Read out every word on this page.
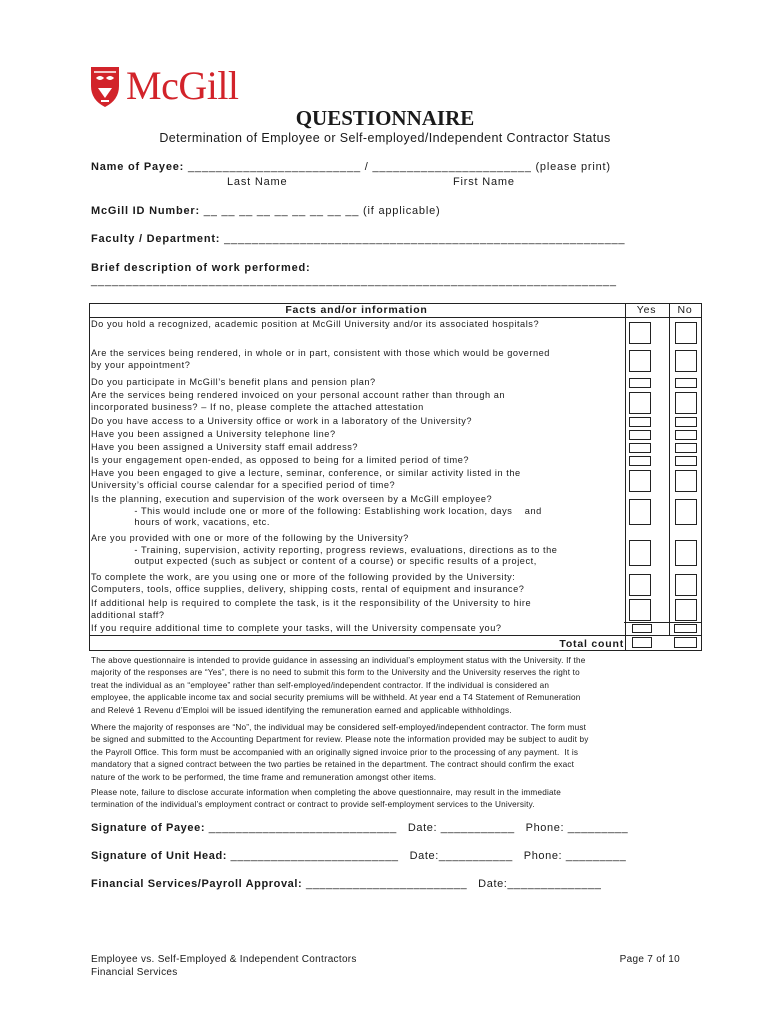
McGill
QUESTIONNAIRE
Determination of Employee or Self-employed/Independent Contractor Status
Name of Payee: _________________________ / _______________________ (please print)
Last Name	First Name
McGill ID Number: __ __ __ __ __ __ __ __ __ (if applicable)
Faculty / Department: __________________________________________________________
Brief description of work performed:
____________________________________________________________________________
Facts and/or information	Yes	No
Do you hold a recognized, academic position at McGill University and/or its associated hospitals?
Are the services being rendered, in whole or in part, consistent with those which would be governed
by your appointment?
Do you participate in McGill’s benefit plans and pension plan?
Are the services being rendered invoiced on your personal account rather than through an
incorporated business? – If no, please complete the attached attestation
Do you have access to a University office or work in a laboratory of the University?
Have you been assigned a University telephone line?
Have you been assigned a University staff email address?
Is your engagement open-ended, as opposed to being for a limited period of time?
Have you been engaged to give a lecture, seminar, conference, or similar activity listed in the
University’s official course calendar for a specified period of time?
Is the planning, execution and supervision of the work overseen by a McGill employee?
- This would include one or more of the following: Establishing work location, days    and
hours of work, vacations, etc.
Are you provided with one or more of the following by the University?
- Training, supervision, activity reporting, progress reviews, evaluations, directions as to the
output expected (such as subject or content of a course) or specific results of a project,
To complete the work, are you using one or more of the following provided by the University:
Computers, tools, office supplies, delivery, shipping costs, rental of equipment and insurance?
If additional help is required to complete the task, is it the responsibility of the University to hire
additional staff?
If you require additional time to complete your tasks, will the University compensate you?
Total count
The above questionnaire is intended to provide guidance in assessing an individual’s employment status with the University. If the
majority of the responses are “Yes”, there is no need to submit this form to the University and the University reserves the right to
treat the individual as an “employee” rather than self-employed/independent contractor. If the individual is considered an
employee, the applicable income tax and social security premiums will be withheld. At year end a T4 Statement of Remuneration
and Relevé 1 Revenu d’Emploi will be issued identifying the remuneration earned and applicable withholdings.
Where the majority of responses are “No”, the individual may be considered self-employed/independent contractor. The form must
be signed and submitted to the Accounting Department for review. Please note the information provided may be subject to audit by
the Payroll Office. This form must be accompanied with an originally signed invoice prior to the processing of any payment.  It is
mandatory that a signed contract between the two parties be retained in the department. The contract should confirm the exact
nature of the work to be performed, the time frame and remuneration amongst other items.
Please note, failure to disclose accurate information when completing the above questionnaire, may result in the immediate
termination of the individual’s employment contract or contract to provide self-employment services to the University.
Signature of Payee: ____________________________   Date: ___________   Phone: _________
Signature of Unit Head: _________________________   Date:___________   Phone: _________
Financial Services/Payroll Approval: ________________________   Date:______________
Employee vs. Self-Employed & Independent Contractors
Financial Services
Page 7 of 10
